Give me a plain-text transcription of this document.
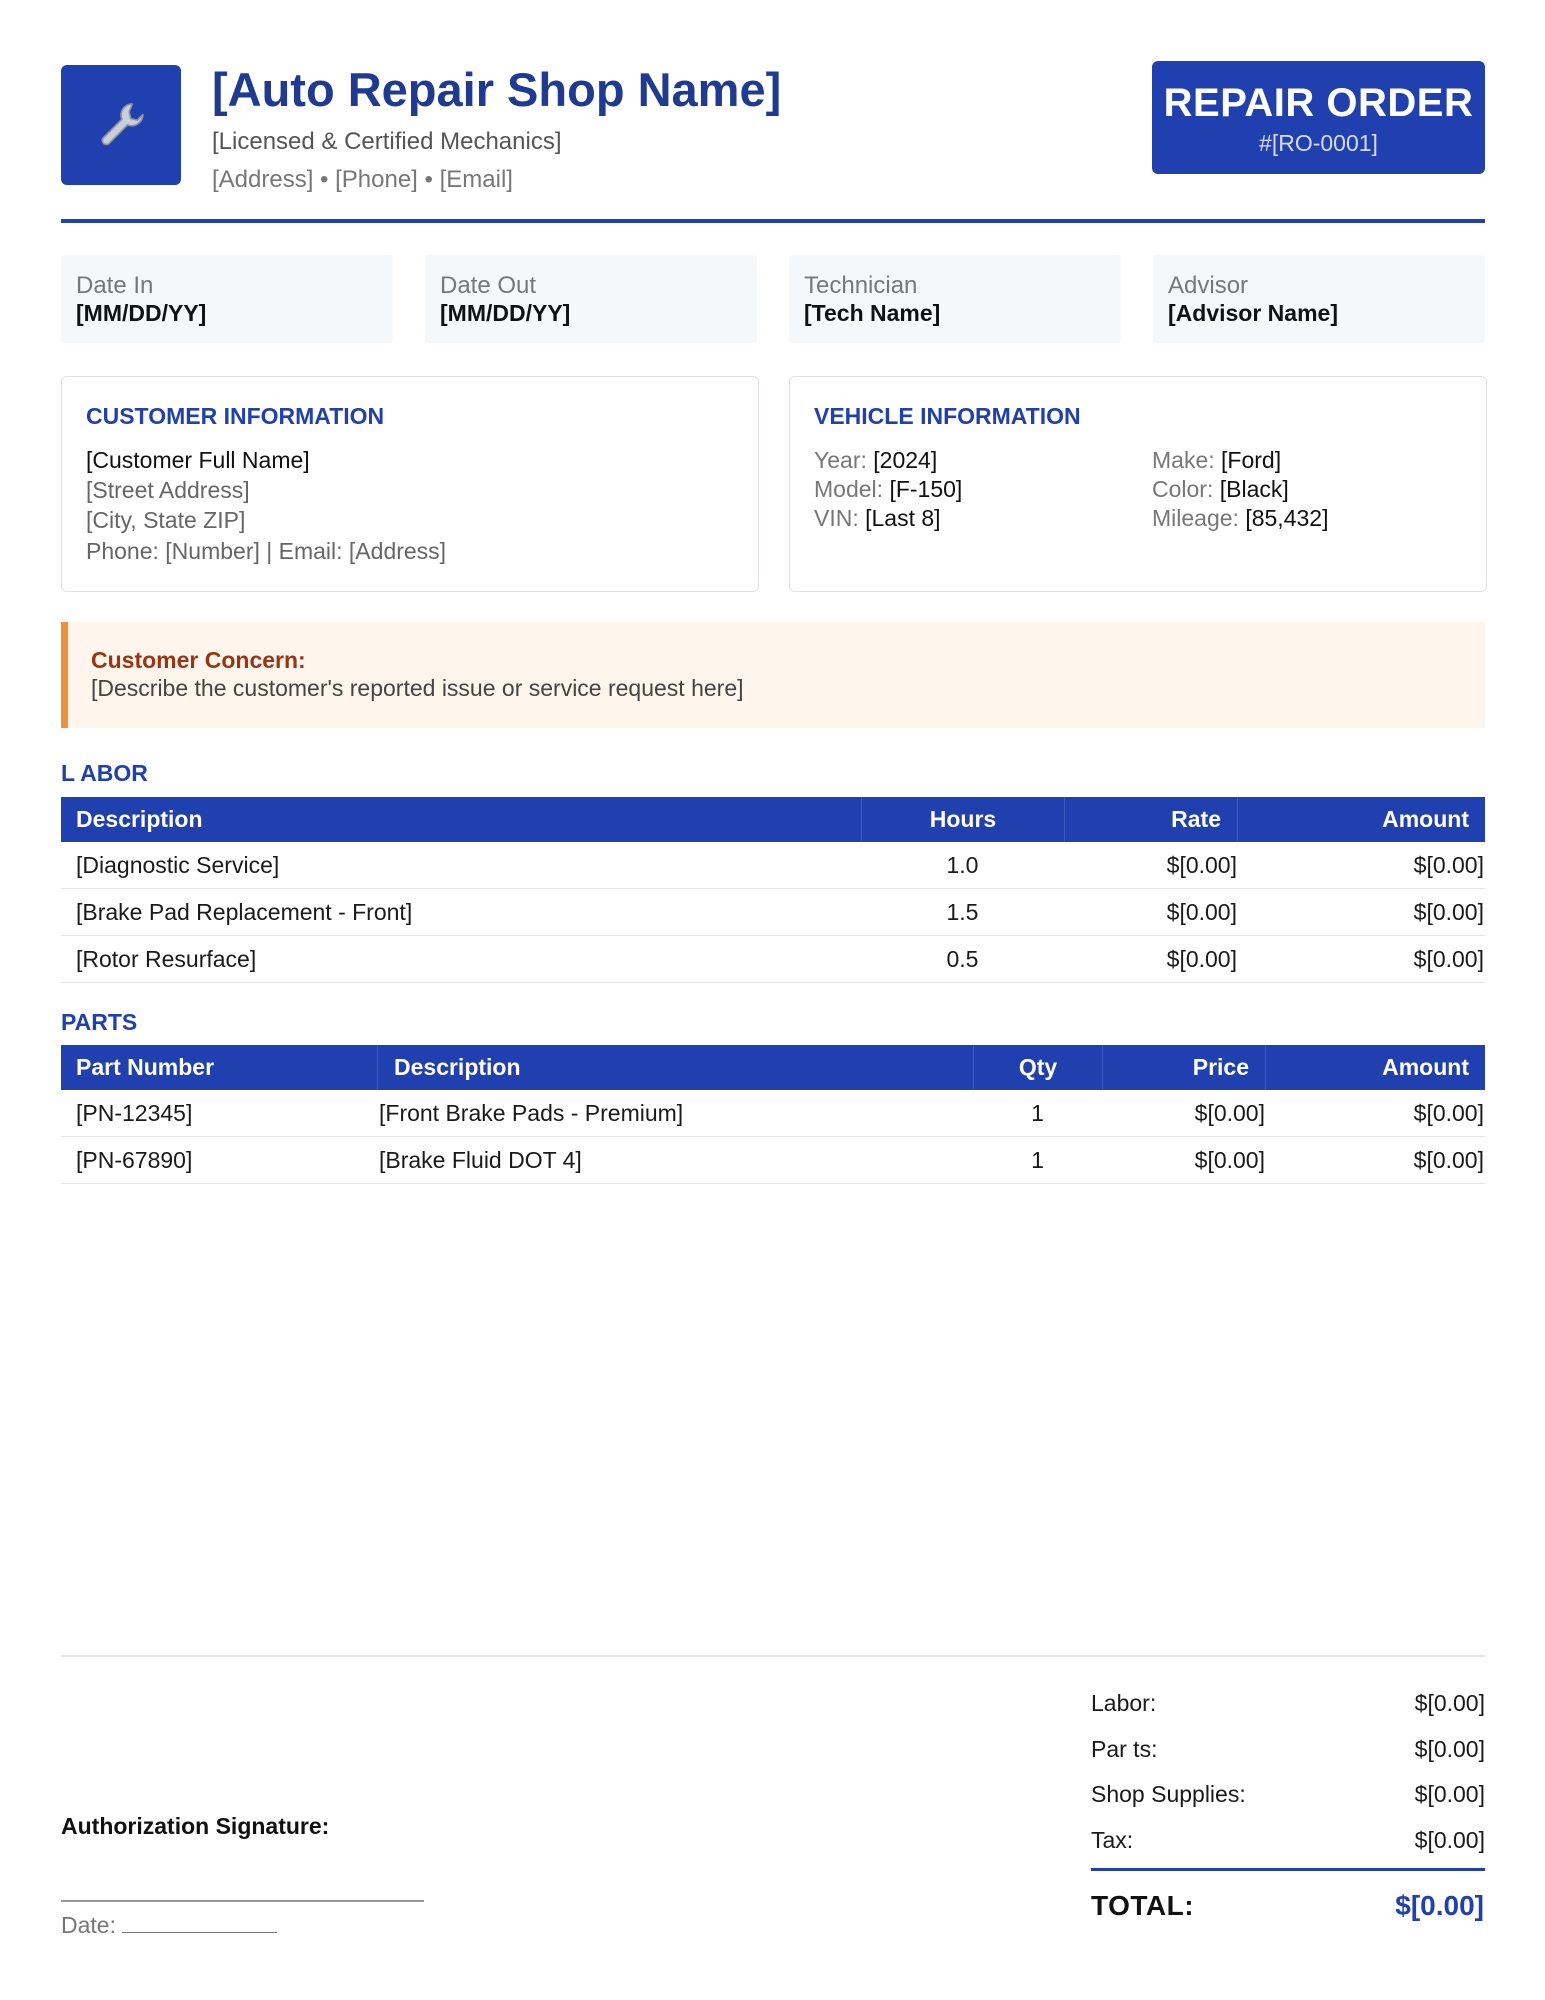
[Auto Repair Shop Name]
[Licensed & Certified Mechanics]
[Address] • [Phone] • [Email]
REPAIR ORDER
#[RO-0001]
Date In
[MM/DD/YY]
Date Out
[MM/DD/YY]
Technician
[Tech Name]
Advisor
[Advisor Name]
CUSTOMER INFORMATION
[Customer Full Name]
[Street Address]
[City, State ZIP]
Phone: [Number] | Email: [Address]
VEHICLE INFORMATION
Year: [2024]
Model: [F-150]
VIN: [Last 8]
Make: [Ford]
Color: [Black]
Mileage: [85,432]
Customer Concern:
[Describe the customer's reported issue or service request here]
L ABOR
Description	Hours	Rate	Amount
[Diagnostic Service]	1.0	$[0.00]	$[0.00]
[Brake Pad Replacement - Front]	1.5	$[0.00]	$[0.00]
[Rotor Resurface]	0.5	$[0.00]	$[0.00]
PARTS
Part Number	Description	Qty	Price	Amount
[PN-12345]	[Front Brake Pads - Premium]	1	$[0.00]	$[0.00]
[PN-67890]	[Brake Fluid DOT 4]	1	$[0.00]	$[0.00]
Authorization Signature:
Date:
Labor:	$[0.00]
Par ts:	$[0.00]
Shop Supplies:	$[0.00]
Tax:	$[0.00]
TOTAL:	$[0.00]
